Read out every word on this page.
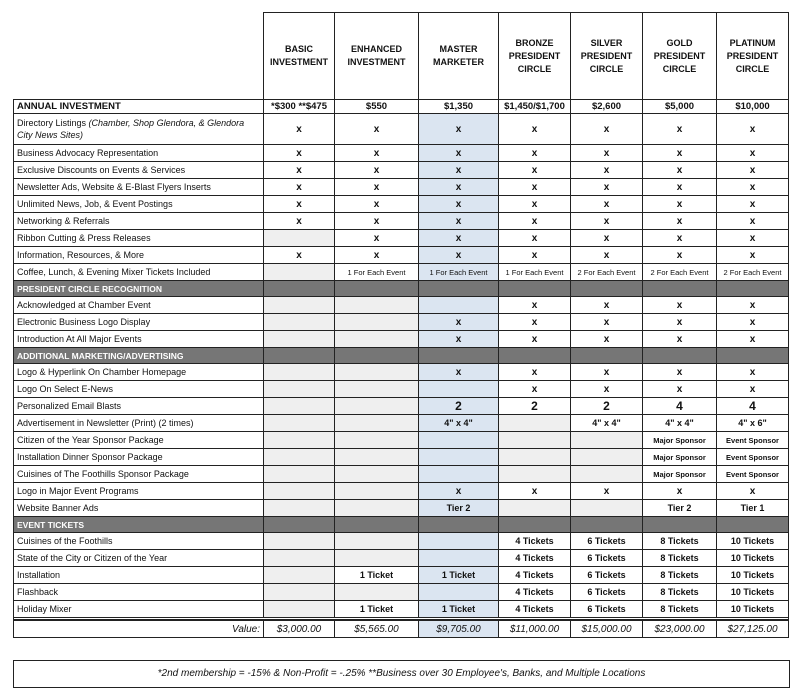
	BASIC INVESTMENT	ENHANCED INVESTMENT	MASTER MARKETER	BRONZE PRESIDENT CIRCLE	SILVER PRESIDENT CIRCLE	GOLD PRESIDENT CIRCLE	PLATINUM PRESIDENT CIRCLE
ANNUAL INVESTMENT	*$300 **$475	$550	$1,350	$1,450/$1,700	$2,600	$5,000	$10,000
Directory Listings (Chamber, Shop Glendora, & Glendora City News Sites)	x	x	x	x	x	x	x
Business Advocacy Representation	x	x	x	x	x	x	x
Exclusive Discounts on Events & Services	x	x	x	x	x	x	x
Newsletter Ads, Website & E-Blast Flyers Inserts	x	x	x	x	x	x	x
Unlimited News, Job, & Event Postings	x	x	x	x	x	x	x
Networking & Referrals	x	x	x	x	x	x	x
Ribbon Cutting & Press Releases		x	x	x	x	x	x
Information, Resources, & More	x	x	x	x	x	x	x
Coffee, Lunch, & Evening Mixer Tickets Included		1 For Each Event	1 For Each Event	1 For Each Event	2 For Each Event	2 For Each Event	2 For Each Event
PRESIDENT CIRCLE RECOGNITION							
Acknowledged at Chamber Event				x	x	x	x
Electronic Business Logo Display			x	x	x	x	x
Introduction At All Major Events			x	x	x	x	x
ADDITIONAL MARKETING/ADVERTISING							
Logo & Hyperlink On Chamber Homepage			x	x	x	x	x
Logo On Select E-News				x	x	x	x
Personalized Email Blasts			2	2	2	4	4
Advertisement in Newsletter (Print) (2 times)			4" x 4"		4" x 4"	4" x 4"	4" x 6"
Citizen of the Year Sponsor Package						Major Sponsor	Event Sponsor
Installation Dinner Sponsor Package						Major Sponsor	Event Sponsor
Cuisines of The Foothills Sponsor Package						Major Sponsor	Event Sponsor
Logo in Major Event Programs			x	x	x	x	x
Website Banner Ads			Tier 2			Tier 2	Tier 1
EVENT TICKETS							
Cuisines of the Foothills				4 Tickets	6 Tickets	8 Tickets	10 Tickets
State of the City or Citizen of the Year				4 Tickets	6 Tickets	8 Tickets	10 Tickets
Installation		1 Ticket	1 Ticket	4 Tickets	6 Tickets	8 Tickets	10 Tickets
Flashback				4 Tickets	6 Tickets	8 Tickets	10 Tickets
Holiday Mixer		1 Ticket	1 Ticket	4 Tickets	6 Tickets	8 Tickets	10 Tickets

Value:	$3,000.00	$5,565.00	$9,705.00	$11,000.00	$15,000.00	$23,000.00	$27,125.00
*2nd membership = -15% & Non-Profit = -.25% **Business over 30 Employee's, Banks, and Multiple Locations
